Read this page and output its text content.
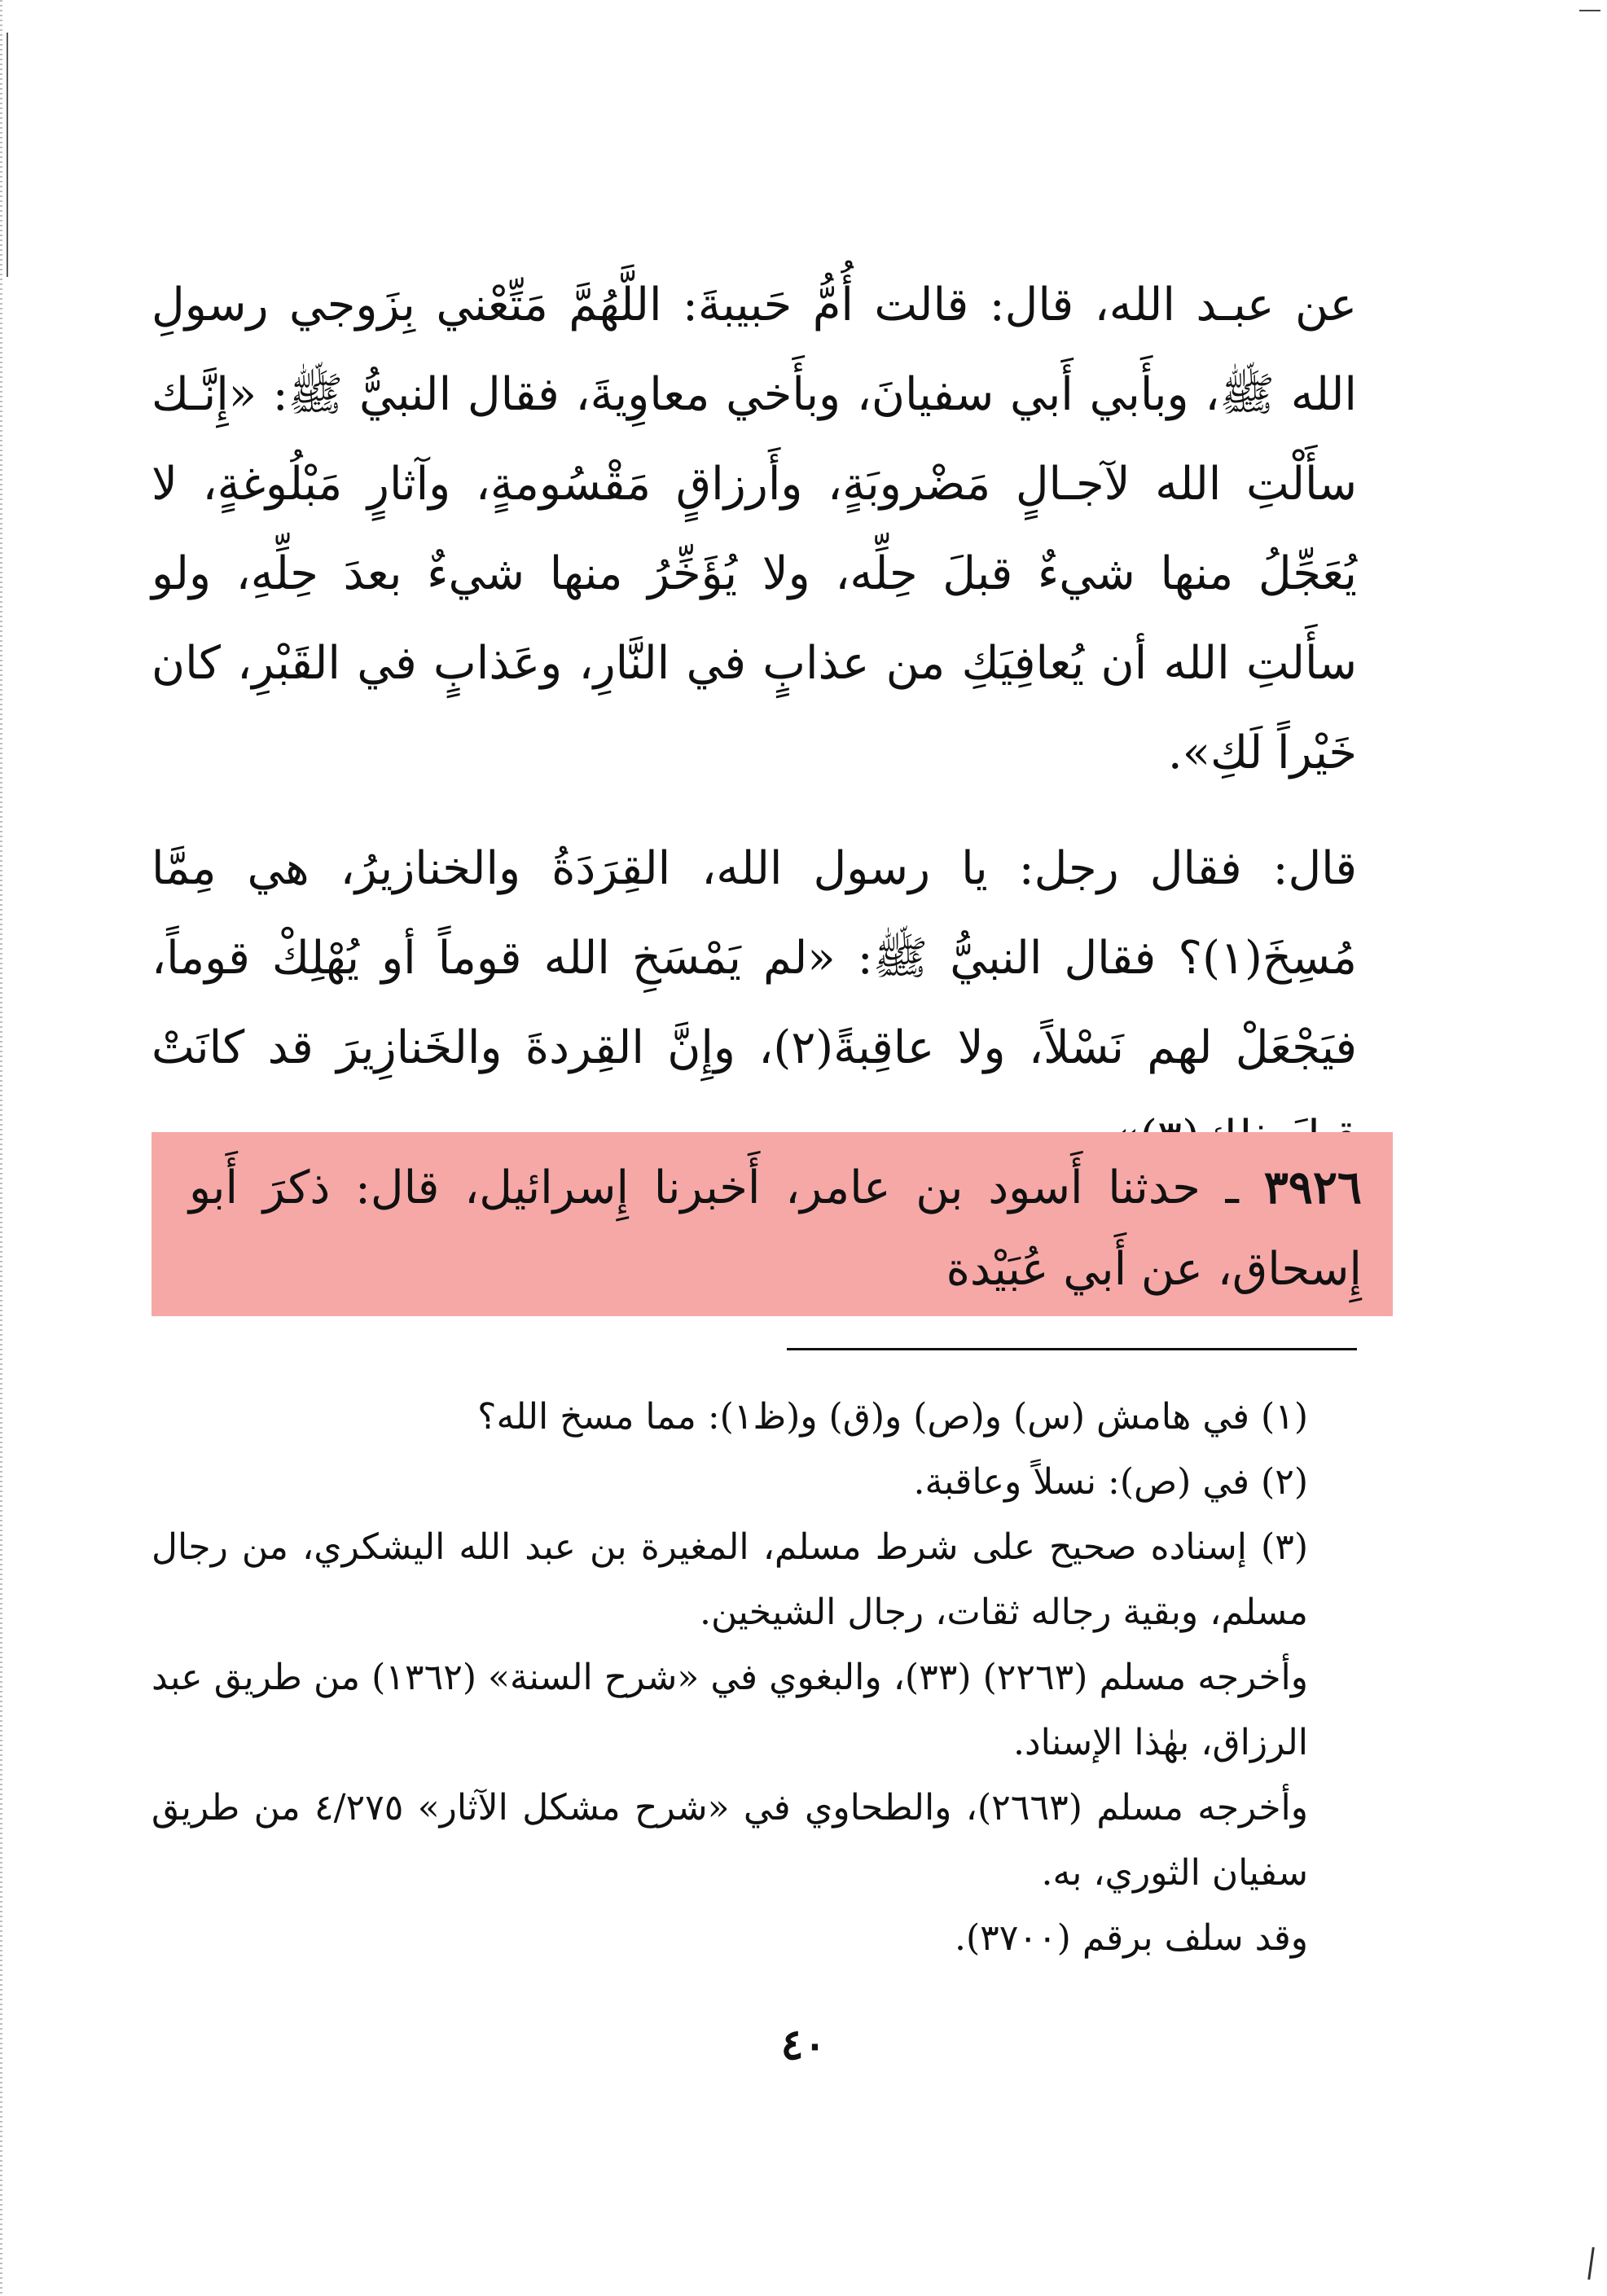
عن عبـد الله، قال: قالت أُمُّ حَبيبةَ: اللَّهُمَّ مَتِّعْني بِزَوجي رسولِ الله ﷺ، وبأَبي أَبي سفيانَ، وبأَخي معاوِيةَ، فقال النبيُّ ﷺ: «إِنَّـك سأَلْتِ الله لآجـالٍ مَضْروبَةٍ، وأَرزاقٍ مَقْسُومةٍ، وآثارٍ مَبْلُوغةٍ، لا يُعَجِّلُ منها شيءٌ قبلَ حِلِّه، ولا يُؤَخِّرُ منها شيءٌ بعدَ حِلِّهِ، ولو سأَلتِ الله أن يُعافِيَكِ من عذابٍ في النَّارِ، وعَذابٍ في القَبْرِ، كان خَيْراً لَكِ».

قال: فقال رجل: يا رسول الله، القِرَدَةُ والخنازيرُ، هي مِمَّا مُسِخَ(١)؟ فقال النبيُّ ﷺ: «لم يَمْسَخِ الله قوماً أو يُهْلِكْ قوماً، فيَجْعَلْ لهم نَسْلاً، ولا عاقِبةً(٢)، وإِنَّ القِردةَ والخَنازِيرَ قد كانَتْ

٣٩٢٦ ـ حدثنا أَسود بن عامر، أَخبرنا إِسرائيل، قال: ذكرَ أَبو إِسحاق، عن أَبي عُبَيْدة

(١) في هامش (س) و(ص) و(ق) و(ظ١): مما مسخ الله؟

(٢) في (ص): نسلاً وعاقبة.

(٣) إسناده صحيح على شرط مسلم، المغيرة بن عبد الله اليشكري، من رجال مسلم، وبقية رجاله ثقات، رجال الشيخين.

وأخرجه مسلم (٢٢٦٣) (٣٣)، والبغوي في «شرح السنة» (١٣٦٢) من طريق عبد الرزاق، بهٰذا الإسناد.

وأخرجه مسلم (٢٦٦٣)، والطحاوي في «شرح مشكل الآثار» ٤/٢٧٥ من طريق سفيان الثوري، به.

وقد سلف برقم (٣٧٠٠).

٤٠
